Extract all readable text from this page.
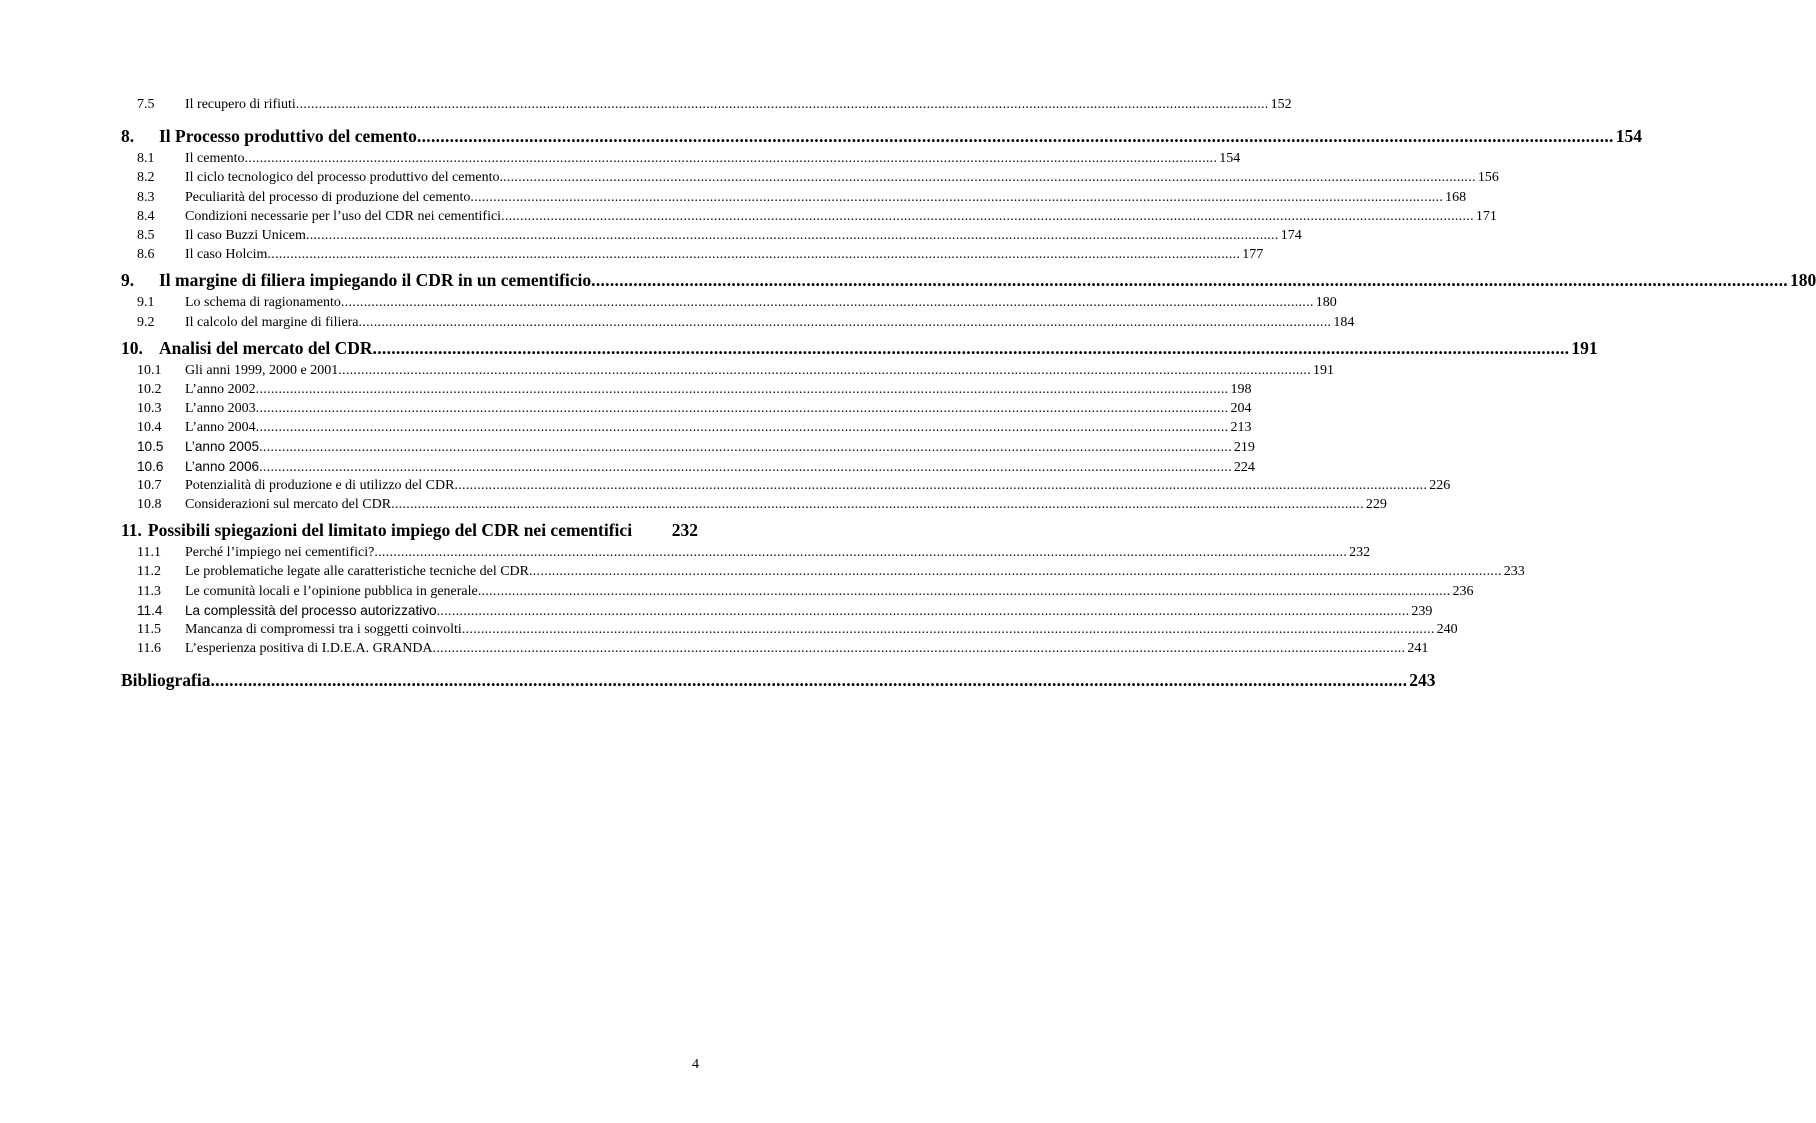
7.5	Il recupero di rifiuti .....	152
8.	Il Processo produttivo del cemento .....	154
8.1	Il cemento .....	154
8.2	Il ciclo tecnologico del processo produttivo del cemento. .....	156
8.3	Peculiarità del processo di produzione del cemento .....	168
8.4	Condizioni necessarie per l’uso del CDR nei cementifici .....	171
8.5	Il caso Buzzi Unicem .....	174
8.6	Il caso Holcim .....	177
9.	Il margine di filiera impiegando il CDR in un cementificio .....	180
9.1	Lo schema di ragionamento .....	180
9.2	Il calcolo del margine di filiera .....	184
10. Analisi del mercato del CDR .....	191
10.1	Gli anni 1999, 2000 e 2001 .....	191
10.2	L’anno 2002 .....	198
10.3	L’anno 2003 .....	204
10.4	L’anno 2004 .....	213
10.5	L’anno 2005 .....	219
10.6	L’anno 2006 .....	224
10.7	Potenzialità di produzione e di utilizzo del CDR .....	226
10.8	Considerazioni sul mercato del CDR .....	229
11. Possibili spiegazioni del limitato impiego del CDR nei cementifici 232
11.1	Perché l’impiego nei cementifici? .....	232
11.2	Le problematiche legate alle caratteristiche tecniche del CDR .....	233
11.3	Le comunità locali e l’opinione pubblica in generale .....	236
11.4	La complessità del processo autorizzativo .....	239
11.5	Mancanza di compromessi tra i soggetti coinvolti .....	240
11.6	L’esperienza positiva di I.D.E.A. GRANDA .....	241
Bibliografia .....	243
4
